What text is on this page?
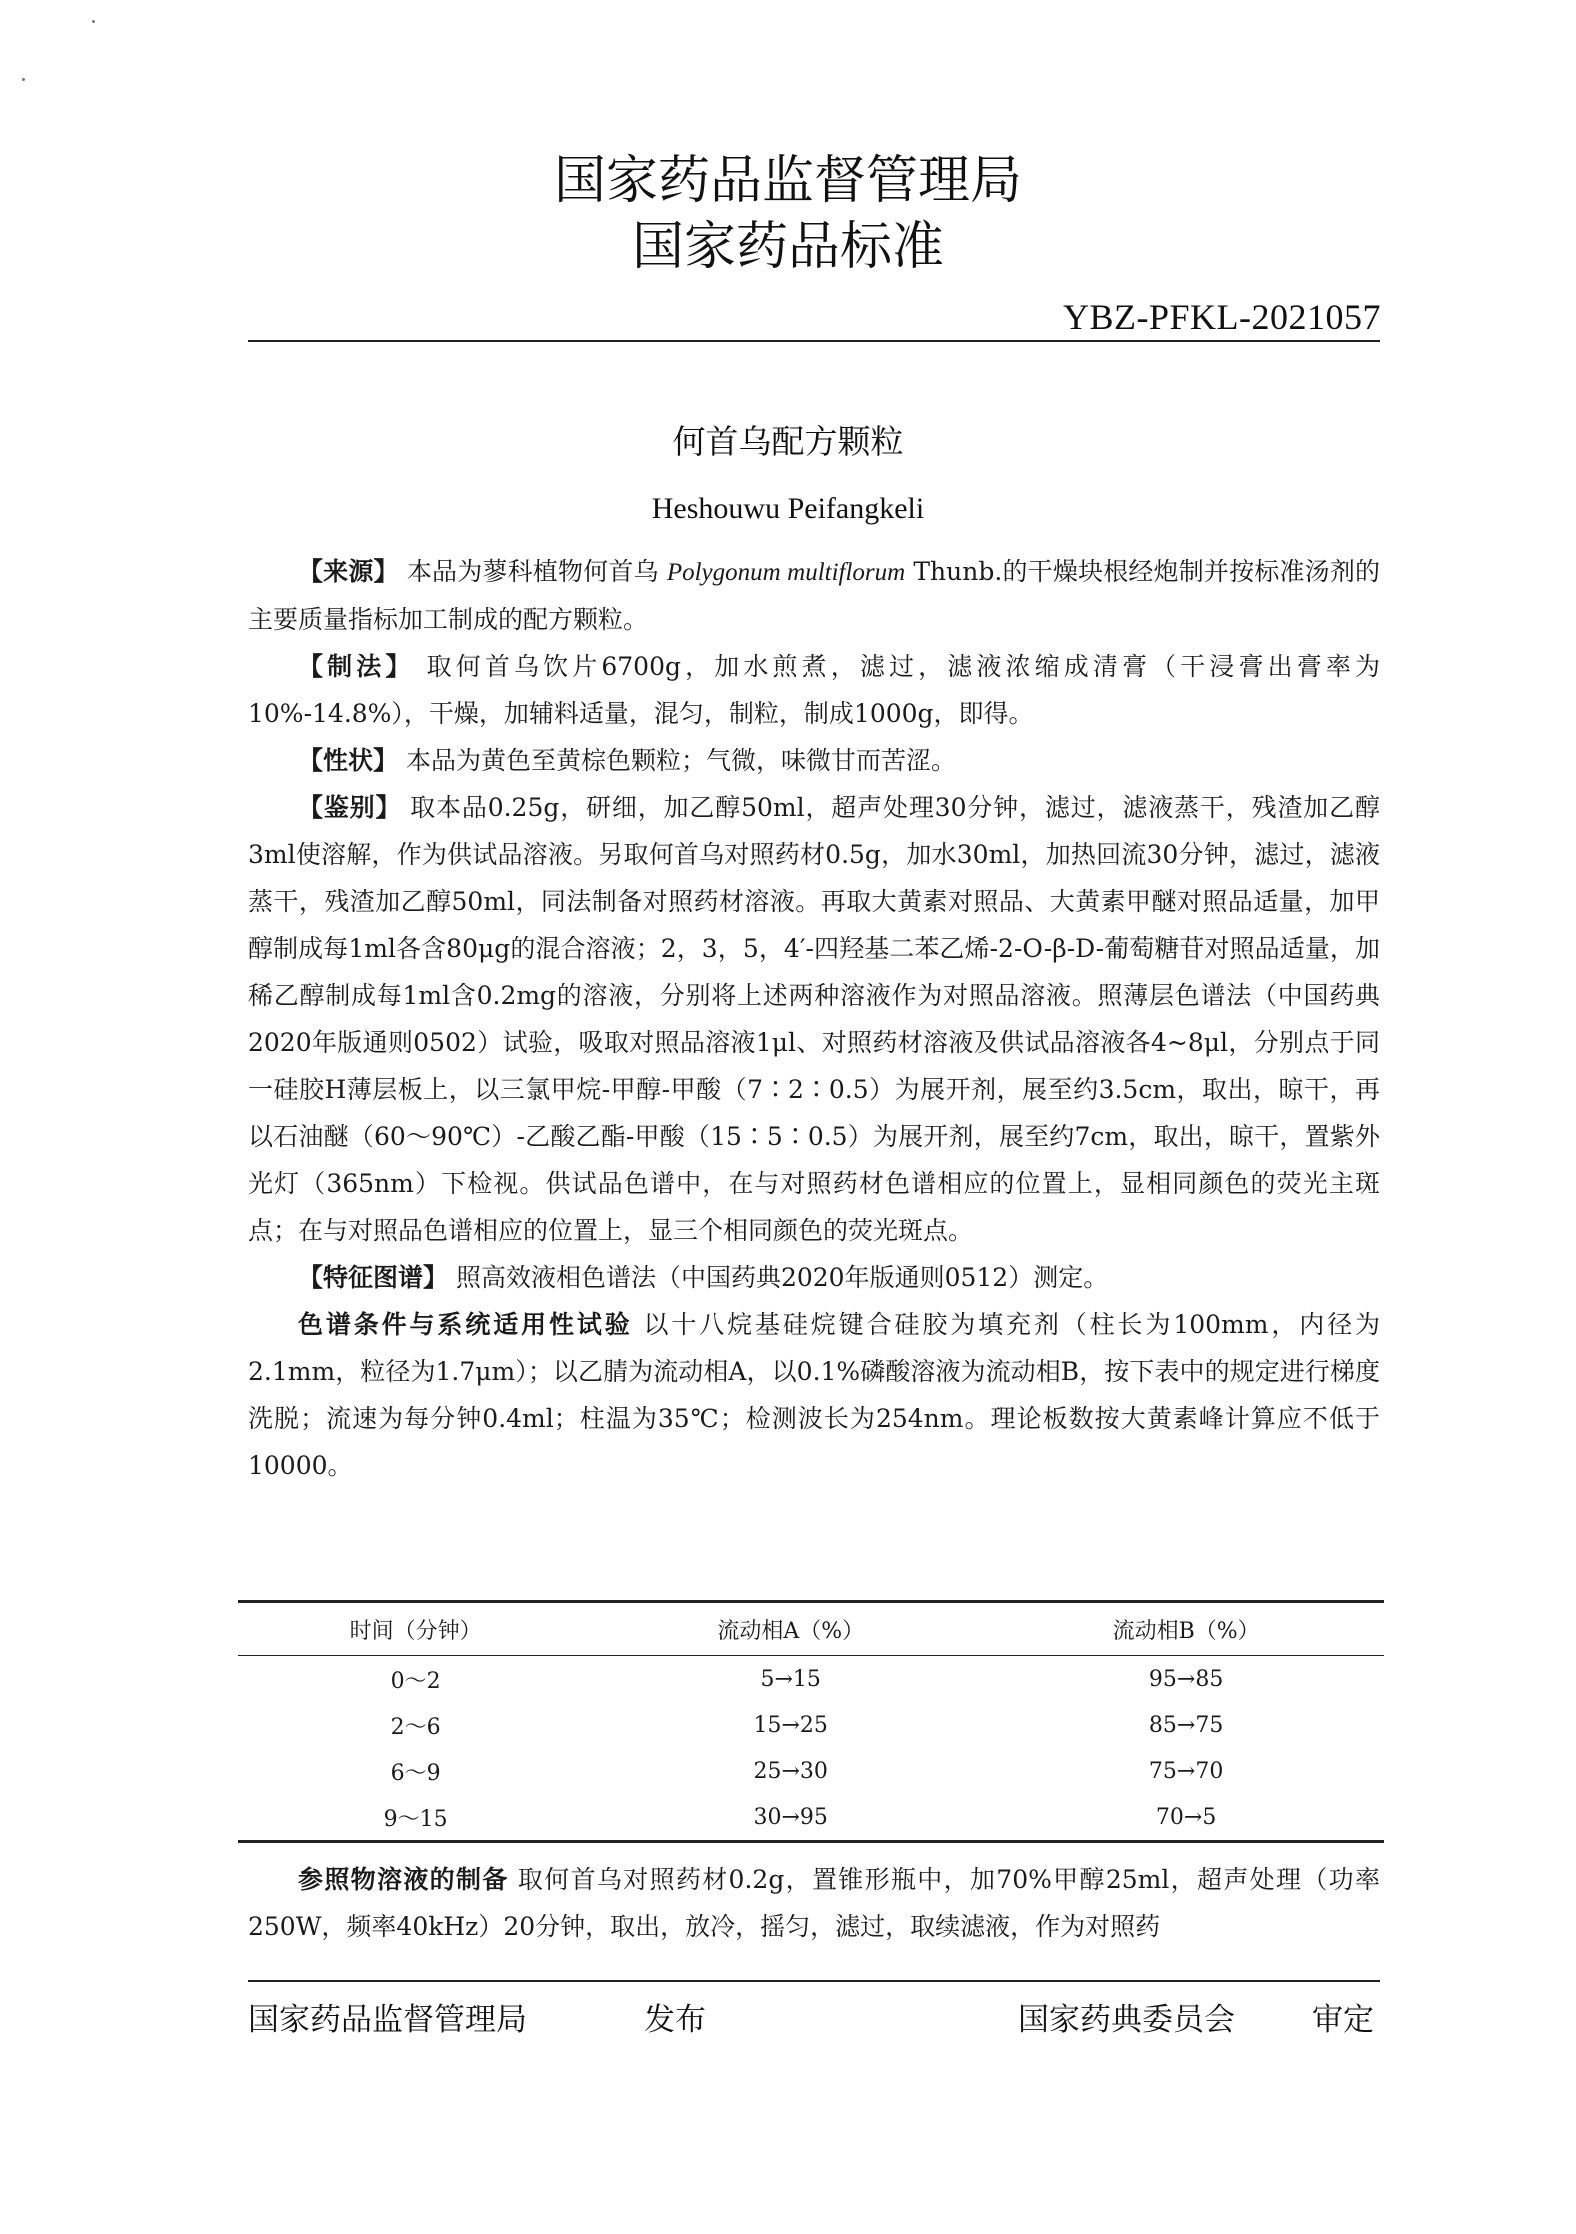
国家药品监督管理局
国家药品标准
YBZ-PFKL-2021057
何首乌配方颗粒
Heshouwu Peifangkeli

【来源】 本品为蓼科植物何首乌 Polygonum multiflorum Thunb.的干燥块根经炮制并按标准汤剂的主要质量指标加工制成的配方颗粒。

【制法】 取何首乌饮片6700g，加水煎煮，滤过，滤液浓缩成清膏（干浸膏出膏率为10%-14.8%），干燥，加辅料适量，混匀，制粒，制成1000g，即得。

【性状】 本品为黄色至黄棕色颗粒；气微，味微甘而苦涩。

【鉴别】 取本品0.25g，研细，加乙醇50ml，超声处理30分钟，滤过，滤液蒸干，残渣加乙醇3ml使溶解，作为供试品溶液。另取何首乌对照药材0.5g，加水30ml，加热回流30分钟，滤过，滤液蒸干，残渣加乙醇50ml，同法制备对照药材溶液。再取大黄素对照品、大黄素甲醚对照品适量，加甲醇制成每1ml各含80μg的混合溶液；2，3，5，4′-四羟基二苯乙烯-2-O-β-D-葡萄糖苷对照品适量，加稀乙醇制成每1ml含0.2mg的溶液，分别将上述两种溶液作为对照品溶液。照薄层色谱法（中国药典2020年版通则0502）试验，吸取对照品溶液1μl、对照药材溶液及供试品溶液各4~8μl，分别点于同一硅胶H薄层板上，以三氯甲烷-甲醇-甲酸（7∶2∶0.5）为展开剂，展至约3.5cm，取出，晾干，再以石油醚（60～90℃）-乙酸乙酯-甲酸（15∶5∶0.5）为展开剂，展至约7cm，取出，晾干，置紫外光灯（365nm）下检视。供试品色谱中，在与对照药材色谱相应的位置上，显相同颜色的荧光主斑点；在与对照品色谱相应的位置上，显三个相同颜色的荧光斑点。

【特征图谱】 照高效液相色谱法（中国药典2020年版通则0512）测定。

色谱条件与系统适用性试验 以十八烷基硅烷键合硅胶为填充剂（柱长为100mm，内径为2.1mm，粒径为1.7μm）；以乙腈为流动相A，以0.1%磷酸溶液为流动相B，按下表中的规定进行梯度洗脱；流速为每分钟0.4ml；柱温为35℃；检测波长为254nm。理论板数按大黄素峰计算应不低于10000。

时间（分钟）	流动相A（%）	流动相B（%）
0～2	5→15	95→85
2～6	15→25	85→75
6～9	25→30	75→70
9～15	30→95	70→5

参照物溶液的制备 取何首乌对照药材0.2g，置锥形瓶中，加70%甲醇25ml，超声处理（功率250W，频率40kHz）20分钟，取出，放冷，摇匀，滤过，取续滤液，作为对照药

国家药品监督管理局	发布	国家药典委员会 审定
